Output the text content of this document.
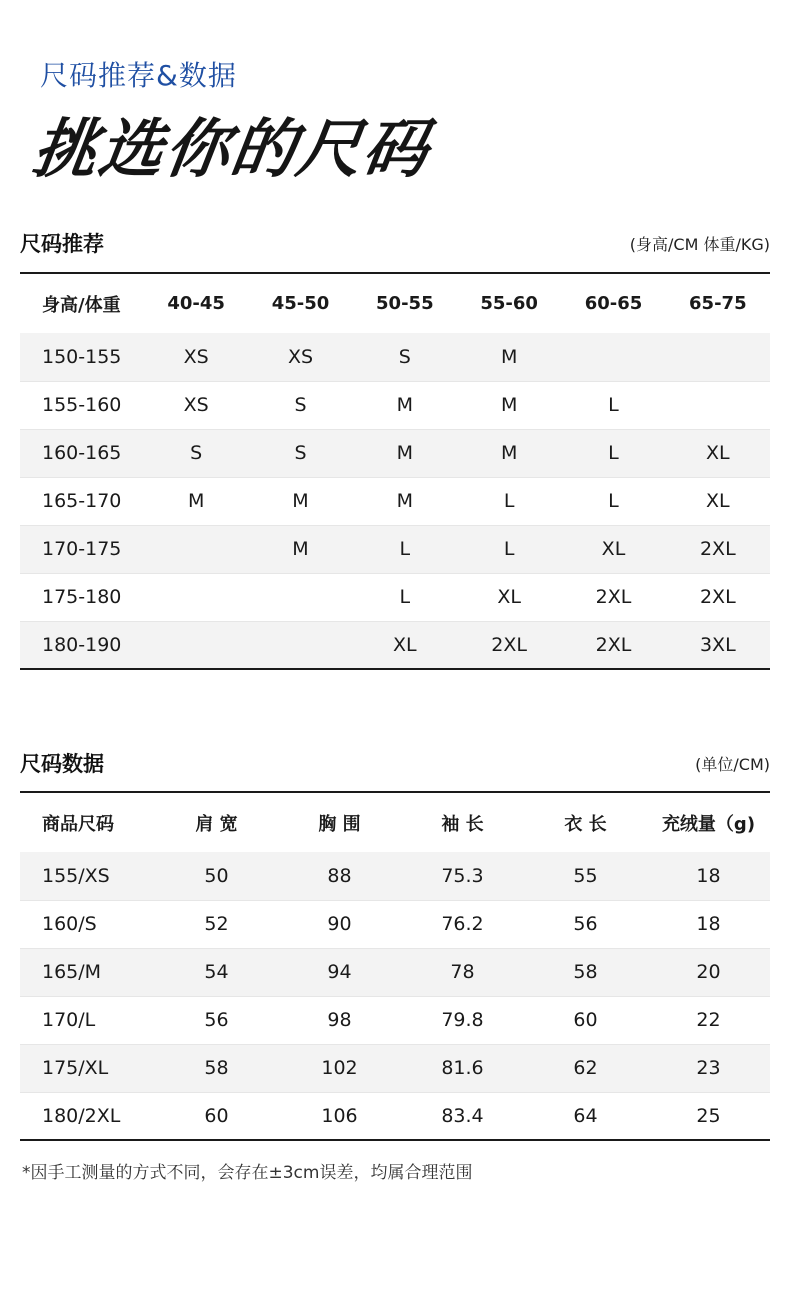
尺码推荐&数据
挑选你的尺码
尺码推荐	(身高/CM 体重/KG)
身高/体重	40-45	45-50	50-55	55-60	60-65	65-75
150-155	XS	XS	S	M		
155-160	XS	S	M	M	L	
160-165	S	S	M	M	L	XL
165-170	M	M	M	L	L	XL
170-175		M	L	L	XL	2XL
175-180			L	XL	2XL	2XL
180-190			XL	2XL	2XL	3XL
尺码数据	(单位/CM)
商品尺码	肩 宽	胸 围	袖 长	衣 长	充绒量（g)
155/XS	50	88	75.3	55	18
160/S	52	90	76.2	56	18
165/M	54	94	78	58	20
170/L	56	98	79.8	60	22
175/XL	58	102	81.6	62	23
180/2XL	60	106	83.4	64	25
*因手工测量的方式不同，会存在±3cm误差，均属合理范围
